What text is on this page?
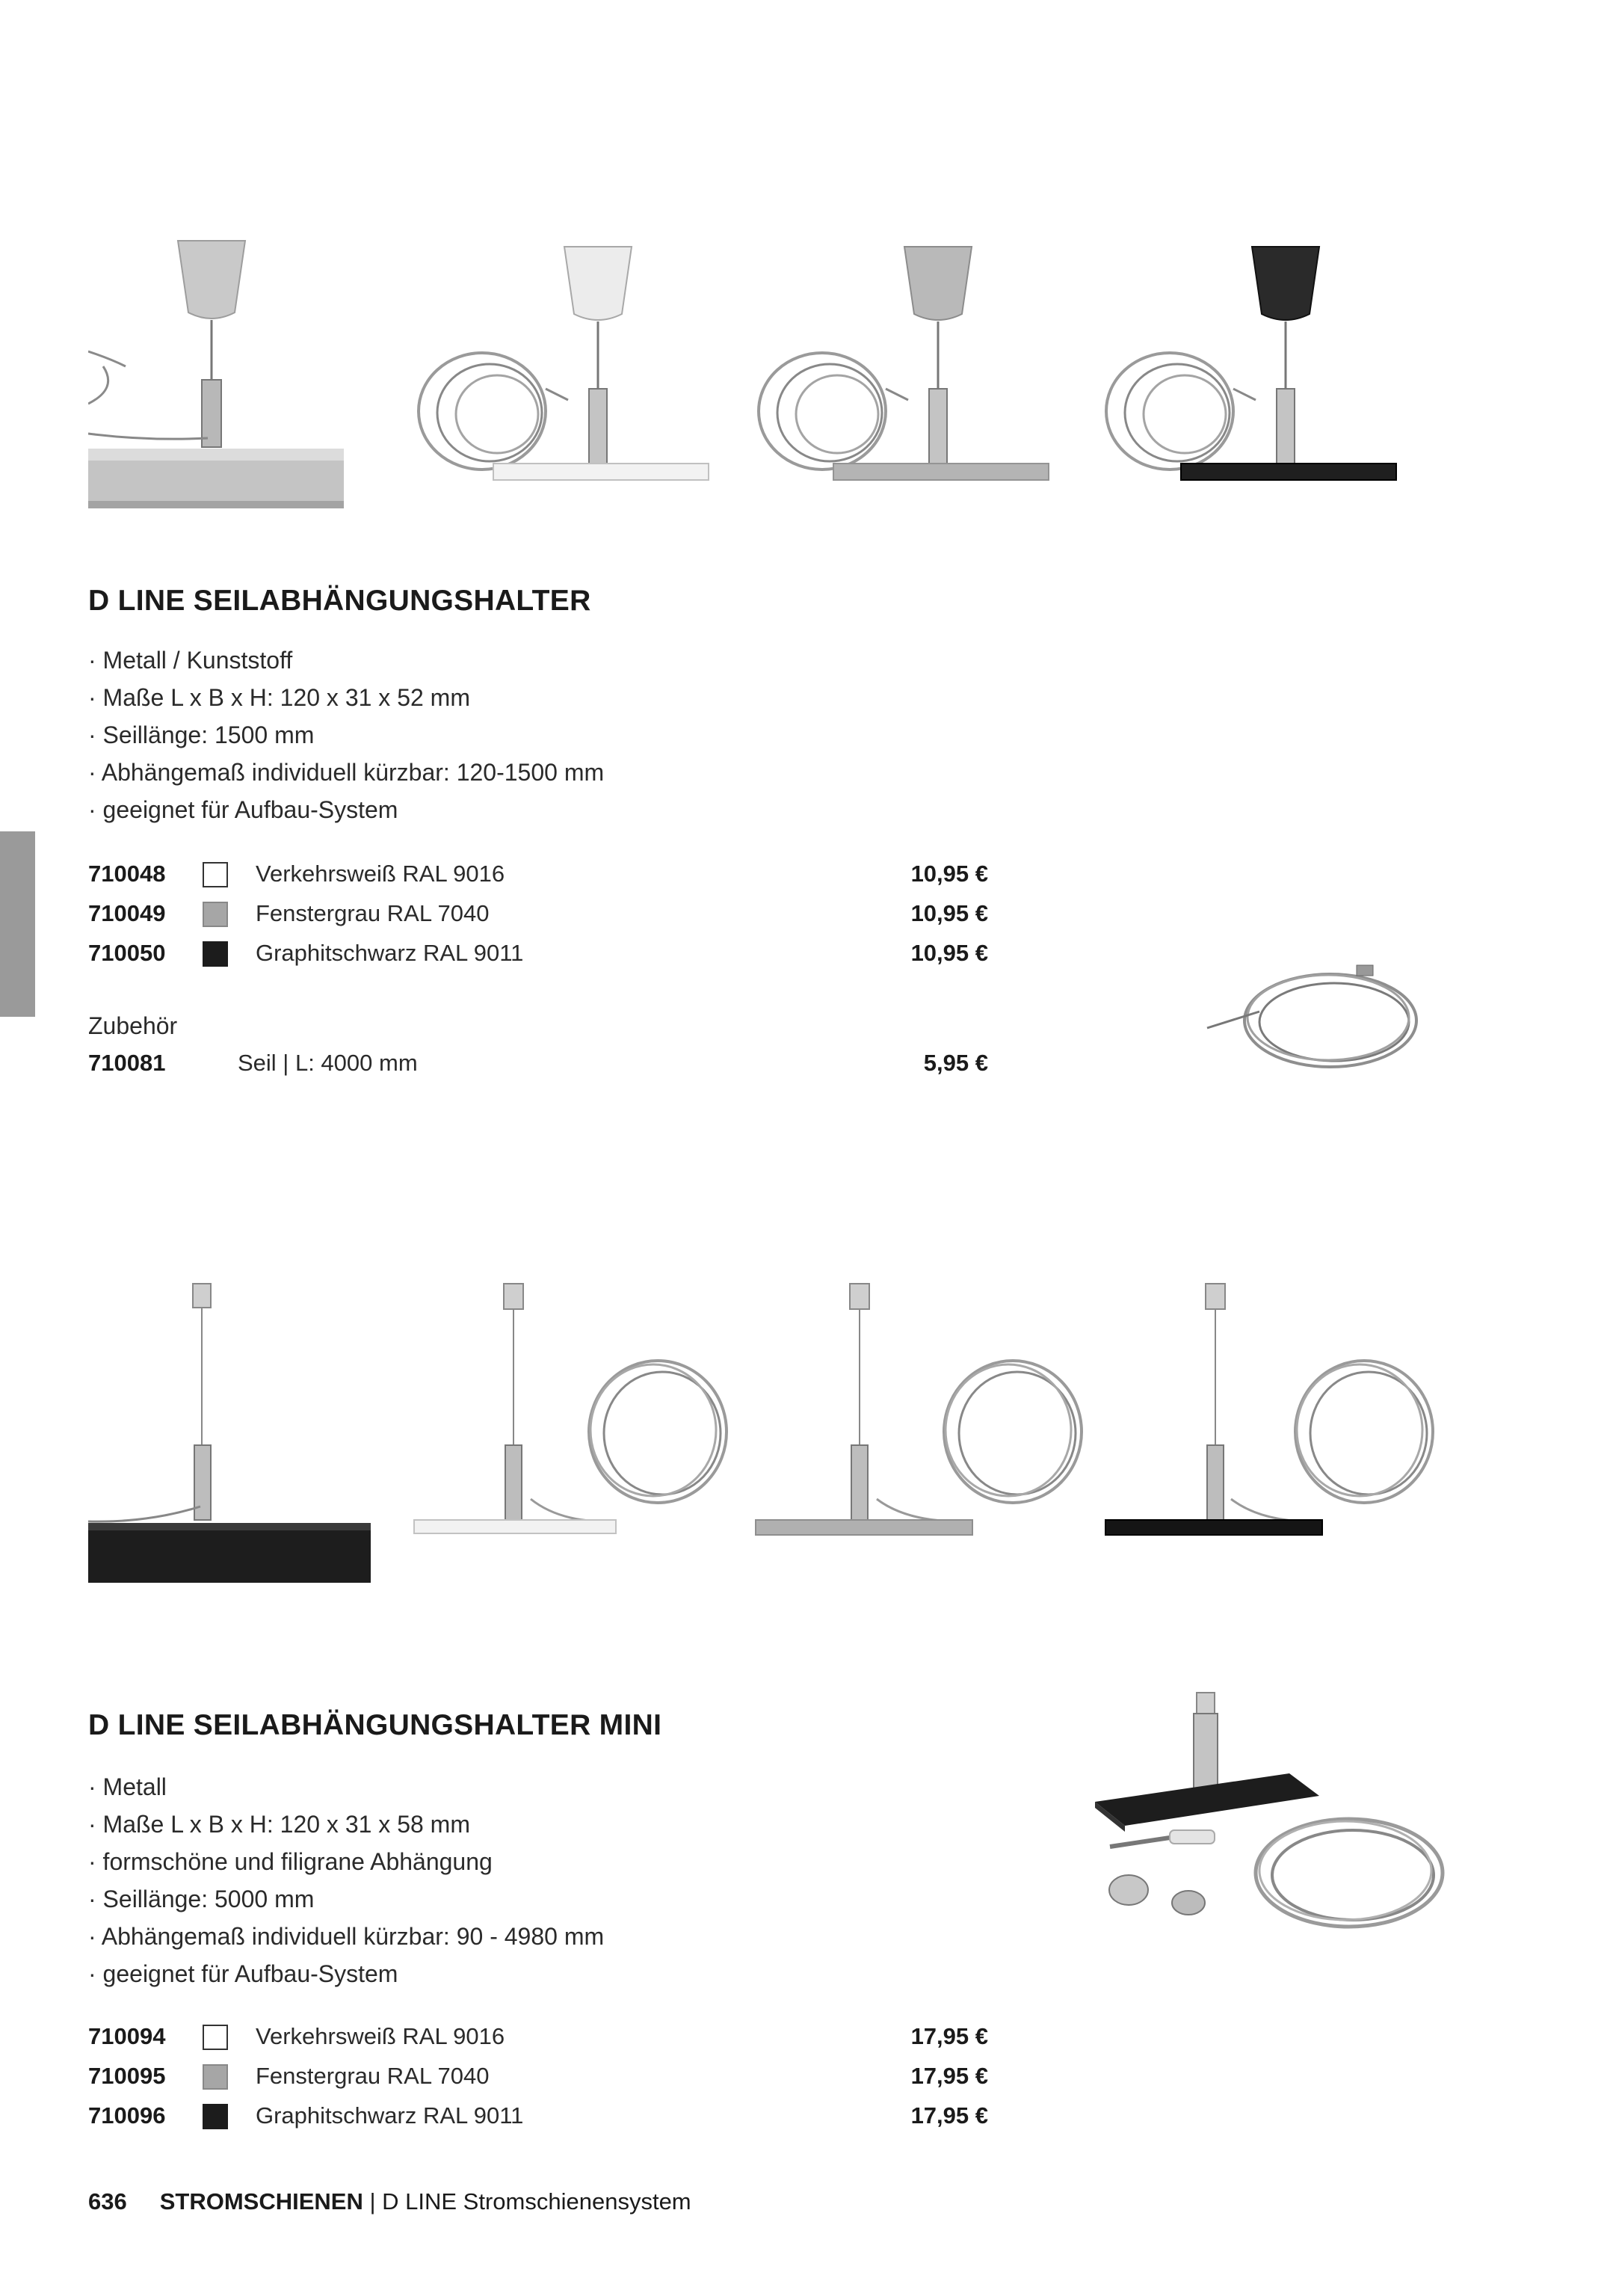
D LINE SEILABHÄNGUNGSHALTER
· Metall / Kunststoff
· Maße L x B x H: 120 x 31 x 52 mm
· Seillänge: 1500 mm
· Abhängemaß individuell kürzbar: 120-1500 mm
· geeignet für Aufbau-System
710048	Verkehrsweiß RAL 9016	10,95 €
710049	Fenstergrau RAL 7040	10,95 €
710050	Graphitschwarz RAL 9011	10,95 €
Zubehör
710081	Seil | L: 4000 mm	5,95 €
D LINE SEILABHÄNGUNGSHALTER MINI
· Metall
· Maße L x B x H: 120 x 31 x 58 mm
· formschöne und filigrane Abhängung
· Seillänge: 5000 mm
· Abhängemaß individuell kürzbar: 90 - 4980 mm
· geeignet für Aufbau-System
710094	Verkehrsweiß RAL 9016	17,95 €
710095	Fenstergrau RAL 7040	17,95 €
710096	Graphitschwarz RAL 9011	17,95 €
636 STROMSCHIENEN | D LINE Stromschienensystem
